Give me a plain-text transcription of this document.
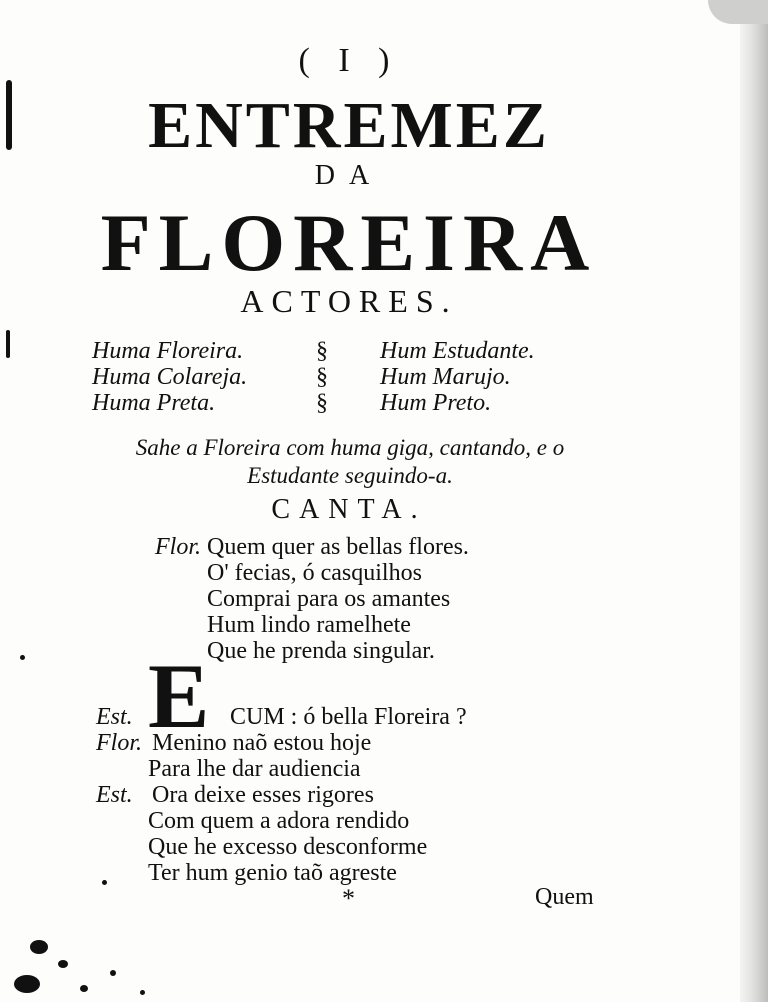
( I )
ENTREMEZ
DA
FLOREIRA
ACTORES.
Huma Floreira.	§ Hum Estudante.
Huma Colareja.	§ Hum Marujo.
Huma Preta.	§ Hum Preto.
Sahe a Floreira com huma giga, cantando, e o
Estudante seguindo-a.
CANTA.
Flor. Quem quer as bellas flores.
O' fecias, ó casquilhos
Comprai para os amantes
Hum lindo ramelhete
Que he prenda singular.
E
Est.	CUM : ó bella Floreira ?
Flor. Menino naõ estou hoje
Para lhe dar audiencia
Est. Ora deixe esses rigores
Com quem a adora rendido
Que he excesso desconforme
Ter hum genio taõ agreste
*	Quem
